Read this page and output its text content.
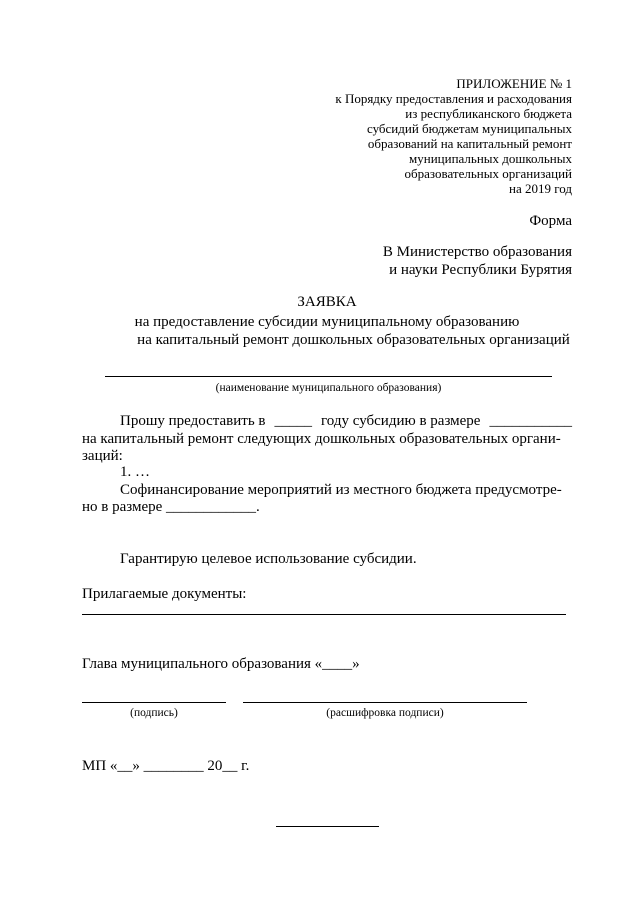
ПРИЛОЖЕНИЕ № 1
к Порядку предоставления и расходования
из республиканского бюджета
субсидий бюджетам муниципальных
образований на капитальный ремонт
муниципальных дошкольных
образовательных организаций
на 2019 год
Форма
В Министерство образования
и науки Республики Бурятия
ЗАЯВКА
на предоставление субсидии муниципальному образованию
на капитальный ремонт дошкольных образовательных организаций
(наименование муниципального образования)
Прошу предоставить в _____ году субсидию в размере ___________
на капитальный ремонт следующих дошкольных образовательных органи-
заций:
1. …
Софинансирование мероприятий из местного бюджета предусмотре-
но в размере ____________.
Гарантирую целевое использование субсидии.
Прилагаемые документы:
Глава муниципального образования «____»
(подпись)	(расшифровка подписи)
МП «__» ________ 20__ г.
